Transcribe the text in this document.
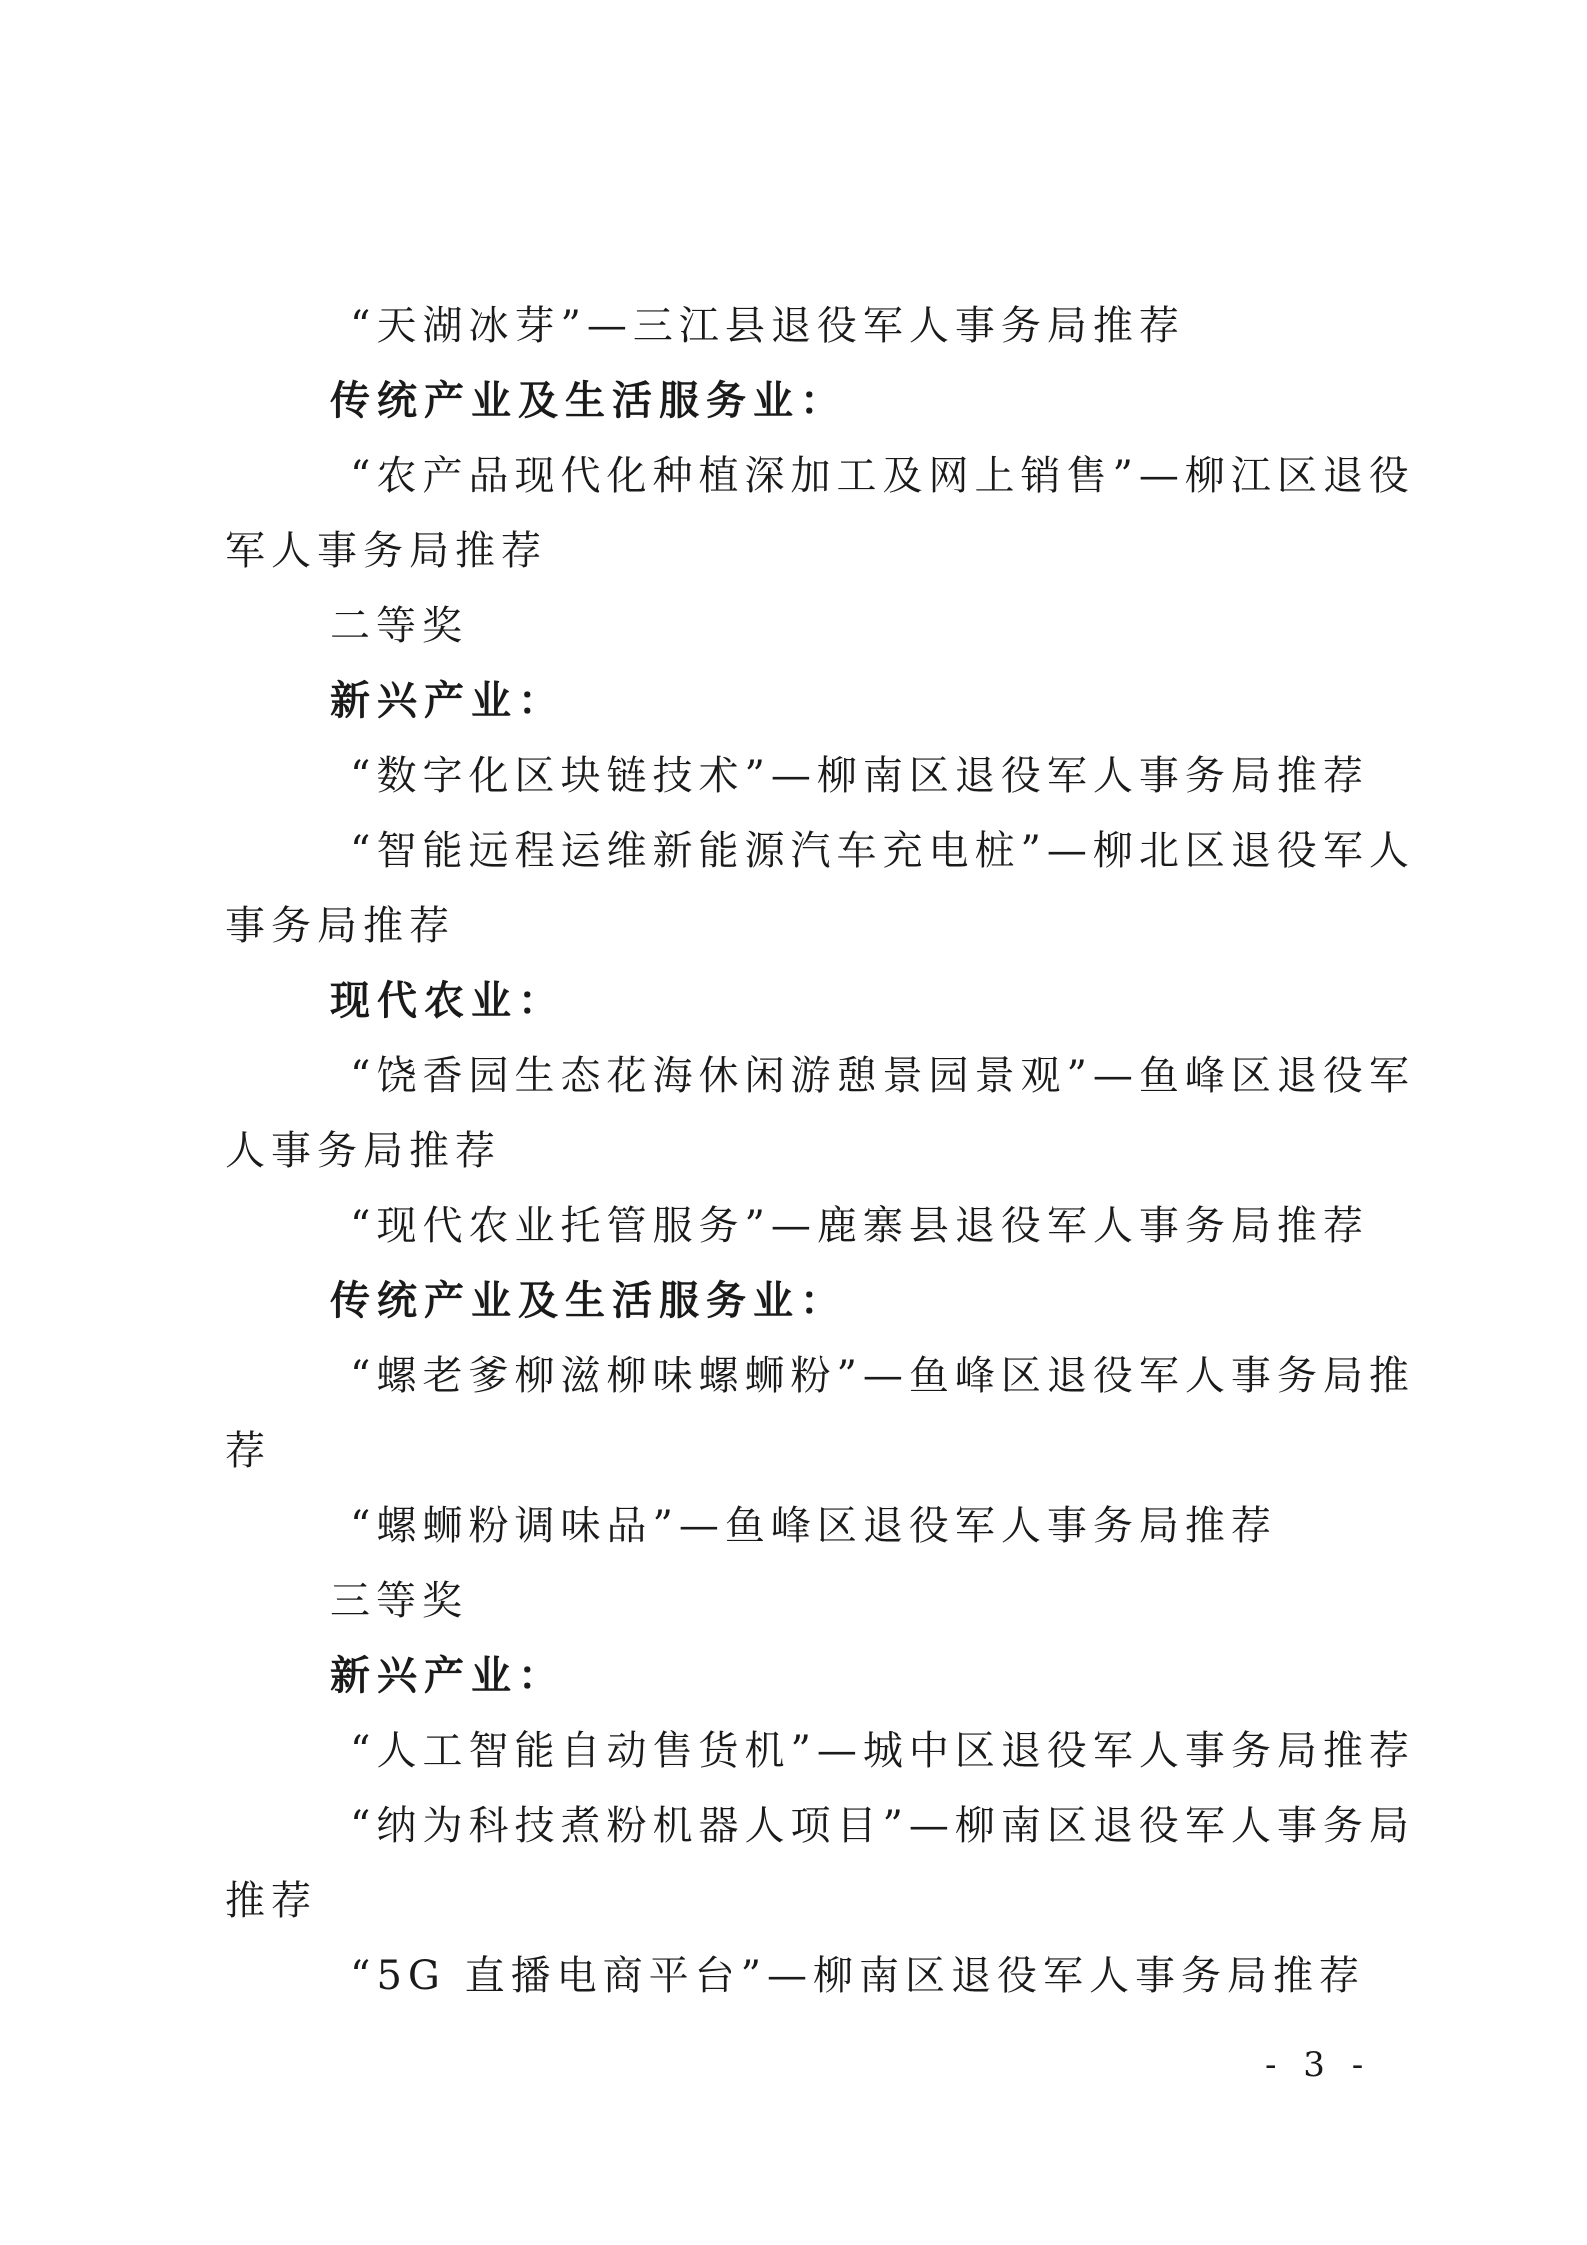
“天湖冰芽”—三江县退役军人事务局推荐
传统产业及生活服务业：
“农产品现代化种植深加工及网上销售”—柳江区退役
军人事务局推荐
二等奖
新兴产业：
“数字化区块链技术”—柳南区退役军人事务局推荐
“智能远程运维新能源汽车充电桩”—柳北区退役军人
事务局推荐
现代农业：
“饶香园生态花海休闲游憩景园景观”—鱼峰区退役军
人事务局推荐
“现代农业托管服务”—鹿寨县退役军人事务局推荐
传统产业及生活服务业：
“螺老爹柳滋柳味螺蛳粉”—鱼峰区退役军人事务局推
荐
“螺蛳粉调味品”—鱼峰区退役军人事务局推荐
三等奖
新兴产业：
“人工智能自动售货机”—城中区退役军人事务局推荐
“纳为科技煮粉机器人项目”—柳南区退役军人事务局
推荐
“5G 直播电商平台”—柳南区退役军人事务局推荐
- 3 -
